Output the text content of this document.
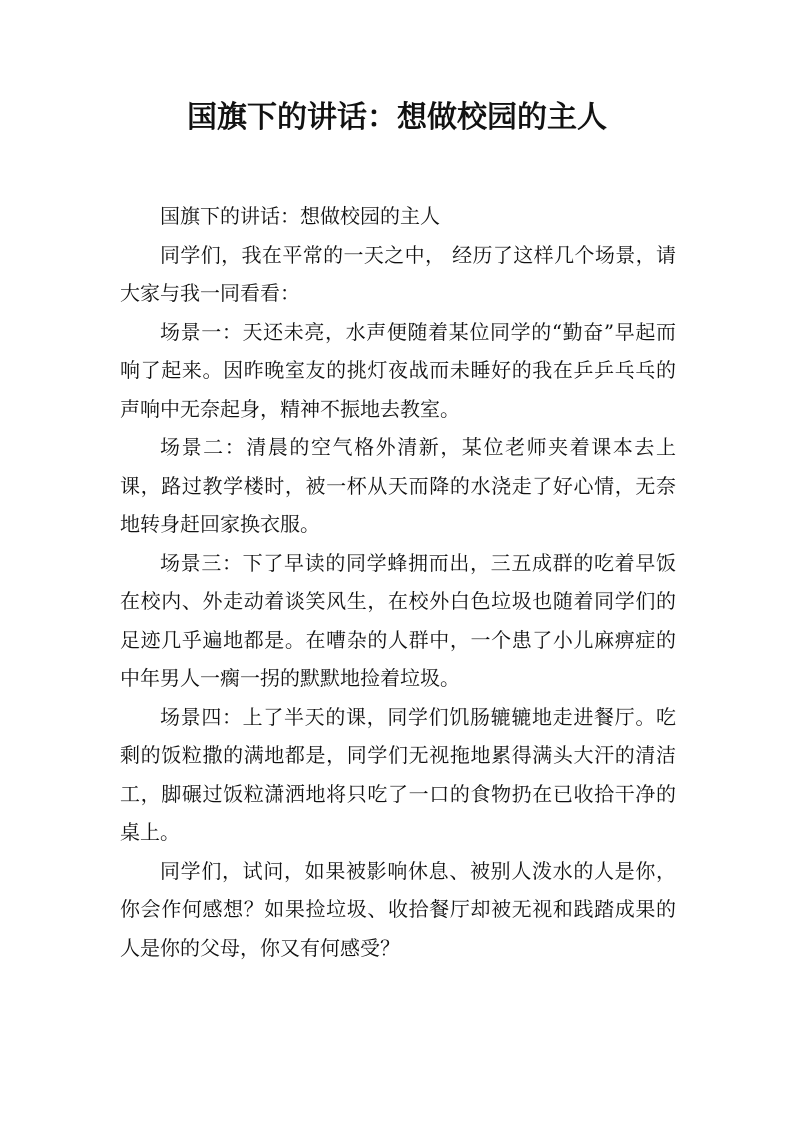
国旗下的讲话：想做校园的主人

国旗下的讲话：想做校园的主人

同学们，我在平常的一天之中， 经历了这样几个场景，请大家与我一同看看：

场景一：天还未亮，水声便随着某位同学的“勤奋”早起而响了起来。因昨晚室友的挑灯夜战而未睡好的我在乒乒乓乓的声响中无奈起身，精神不振地去教室。

场景二：清晨的空气格外清新，某位老师夹着课本去上课，路过教学楼时，被一杯从天而降的水浇走了好心情，无奈地转身赶回家换衣服。

场景三：下了早读的同学蜂拥而出，三五成群的吃着早饭在校内、外走动着谈笑风生，在校外白色垃圾也随着同学们的足迹几乎遍地都是。在嘈杂的人群中，一个患了小儿麻痹症的中年男人一瘸一拐的默默地捡着垃圾。

场景四：上了半天的课，同学们饥肠辘辘地走进餐厅。吃剩的饭粒撒的满地都是，同学们无视拖地累得满头大汗的清洁工，脚碾过饭粒潇洒地将只吃了一口的食物扔在已收拾干净的桌上。

同学们，试问，如果被影响休息、被别人泼水的人是你，你会作何感想？如果捡垃圾、收拾餐厅却被无视和践踏成果的人是你的父母，你又有何感受？
